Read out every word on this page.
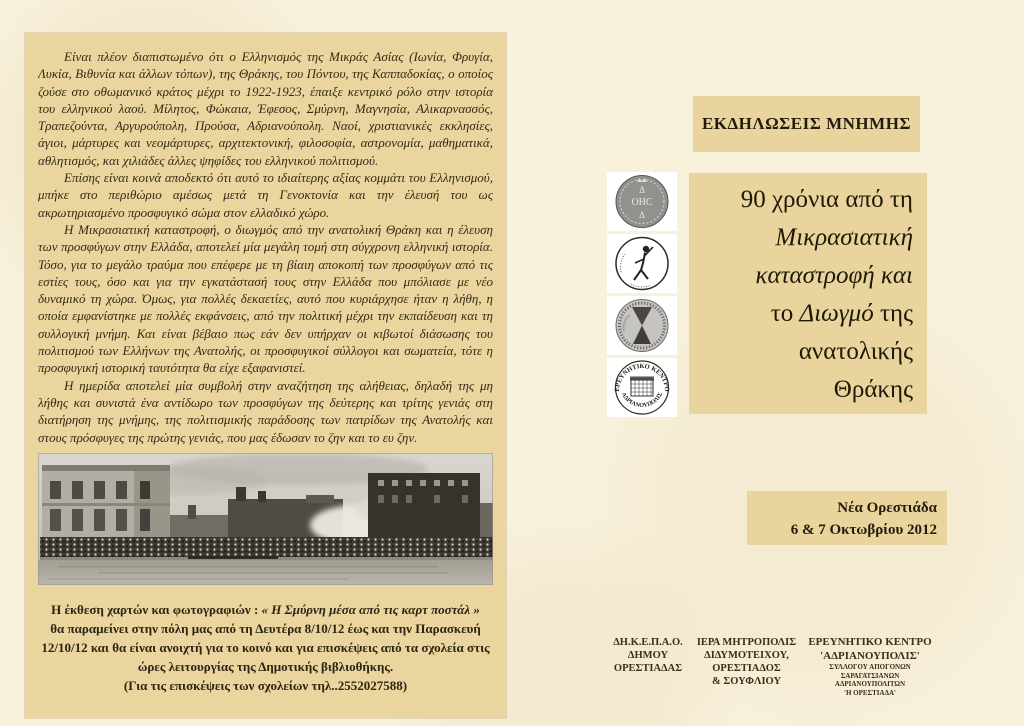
Είναι πλέον διαπιστωμένο ότι ο Ελληνισμός της Μικράς Ασίας (Ιωνία, Φρυγία, Λυκία, Βιθυνία και άλλων τόπων), της Θράκης, του Πόντου, της Καππαδοκίας, ο οποίος ζούσε στο οθωμανικό κράτος μέχρι το 1922-1923, έπαιξε κεντρικό ρόλο στην ιστορία του ελληνικού λαού. Μίλητος, Φώκαια, Έφεσος, Σμύρνη, Μαγνησία, Αλικαρνασσός, Τραπεζούντα, Αργυρούπολη, Προύσα, Αδριανούπολη. Ναοί, χριστιανικές εκκλησίες, άγιοι, μάρτυρες και νεομάρτυρες, αρχιτεκτονική, φιλοσοφία, αστρονομία, μαθηματικά, αθλητισμός, και χιλιάδες άλλες ψηφίδες του ελληνικού πολιτισμού.

Επίσης είναι κοινά αποδεκτό ότι αυτό το ιδιαίτερης αξίας κομμάτι του Ελληνισμού, μπήκε στο περιθώριο αμέσως μετά τη Γενοκτονία και την έλευσή του ως ακρωτηριασμένο προσφυγικό σώμα στον ελλαδικό χώρο.

Η Μικρασιατική καταστροφή, ο διωγμός από την ανατολική Θράκη και η έλευση των προσφύγων στην Ελλάδα, αποτελεί μία μεγάλη τομή στη σύγχρονη ελληνική ιστορία. Τόσο, για το μεγάλο τραύμα που επέφερε με τη βίαιη αποκοπή των προσφύγων από τις εστίες τους, όσο και για την εγκατάστασή τους στην Ελλάδα που μπόλιασε με νέο δυναμικό τη χώρα. Όμως, για πολλές δεκαετίες, αυτό που κυριάρχησε ήταν η λήθη, η οποία εμφανίστηκε με πολλές εκφάνσεις, από την πολιτική μέχρι την εκπαίδευση και τη συλλογική μνήμη. Και είναι βέβαιο πως εάν δεν υπήρχαν οι κιβωτοί διάσωσης του πολιτισμού των Ελλήνων της Ανατολής, οι προσφυγικοί σύλλογοι και σωματεία, τότε η προσφυγική ιστορική ταυτότητα θα είχε εξαφανιστεί.

Η ημερίδα αποτελεί μία συμβολή στην αναζήτηση της αλήθειας, δηλαδή της μη λήθης και συνιστά ένα αντίδωρο των προσφύγων της δεύτερης και τρίτης γενιάς στη διατήρηση της μνήμης, της πολιτισμικής παράδοσης των πατρίδων της Ανατολής και στους πρόσφυγες της πρώτης γενιάς, που μας έδωσαν το ζην και το ευ ζην.

Η έκθεση χαρτών και φωτογραφιών : « Η Σμύρνη μέσα από τις καρτ ποστάλ »

θα παραμείνει στην πόλη μας από τη Δευτέρα 8/10/12 έως και την Παρασκευή 12/10/12 και θα είναι ανοιχτή για το κοινό και για επισκέψεις από τα σχολεία στις ώρες λειτουργίας της Δημοτικής βιβλιοθήκης.

(Για τις επισκέψεις των σχολείων τηλ..2552027588)

ΕΚΔΗΛΩΣΕΙΣ ΜΝΗΜΗΣ
Δ
ΟΗC
Δ
ΕΡΕΥΝΗΤΙΚΟ ΚΕΝΤΡΟ
ΑΔΡΙΑΝΟΥΠΟΛΙΣ
90 χρόνια από τη
Μικρασιατική
καταστροφή και
το Διωγμό της
ανατολικής
Θράκης
Νέα Ορεστιάδα
6 & 7 Οκτωβρίου 2012
ΔΗ.Κ.Ε.Π.Α.Ο.
ΔΗΜΟΥ
ΟΡΕΣΤΙΑΔΑΣ
ΙΕΡΑ ΜΗΤΡΟΠΟΛΙΣ
ΔΙΔΥΜΟΤΕΙΧΟΥ,
ΟΡΕΣΤΙΑΔΟΣ
& ΣΟΥΦΛΙΟΥ
ΕΡΕΥΝΗΤΙΚΟ ΚΕΝΤΡΟ
'ΑΔΡΙΑΝΟΥΠΟΛΙΣ'
ΣΥΛΛΟΓΟΥ ΑΠΟΓΟΝΩΝ
ΣΑΡΑΓΑΤΣΙΑΝΩΝ
ΑΔΡΙΑΝΟΥΠΟΛΙΤΩΝ
'Η ΟΡΕΣΤΙΑΔΑ'
